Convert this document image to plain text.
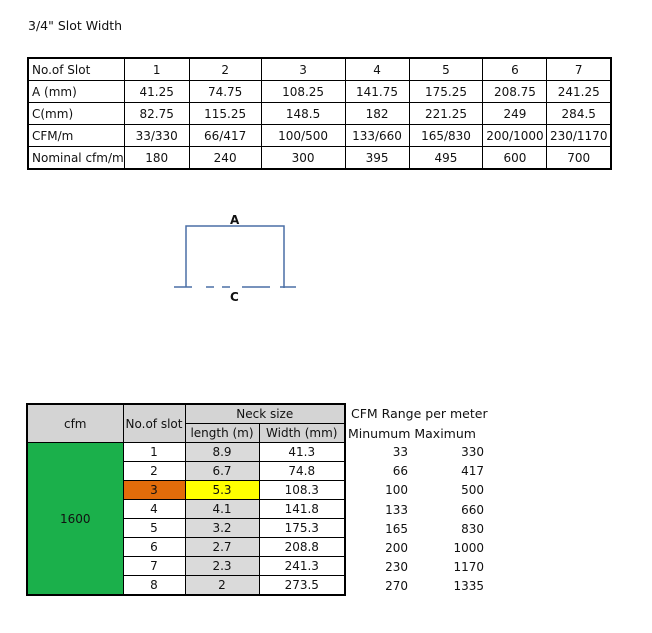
3/4" Slot Width
No.of Slot	1	2	3	4	5	6	7
A (mm)	41.25	74.75	108.25	141.75	175.25	208.75	241.25
C(mm)	82.75	115.25	148.5	182	221.25	249	284.5
CFM/m	33/330	66/417	100/500	133/660	165/830	200/1000	230/1170
Nominal cfm/m	180	240	300	395	495	600	700
A
C
cfm	No.of slot	Neck size	
		length (m)	Width (mm)
1600	1	8.9	41.3
	2	6.7	74.8
	3	5.3	108.3
	4	4.1	141.8
	5	3.2	175.3
	6	2.7	208.8
	7	2.3	241.3
	8	2	273.5
CFM Range per meter
Minumum Maximum
33	330
66	417
100	500
133	660
165	830
200	1000
230	1170
270	1335
